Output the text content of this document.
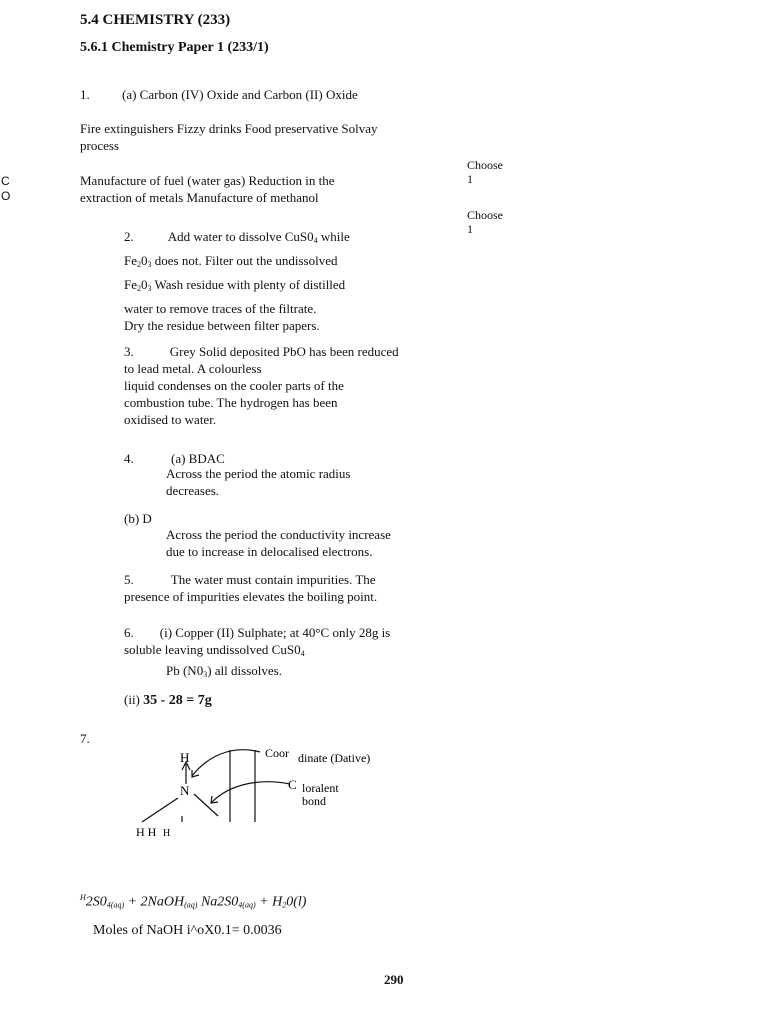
5.4 CHEMISTRY (233)
5.6.1 Chemistry Paper 1 (233/1)
1. (a) Carbon (IV) Oxide and Carbon (II) Oxide
Fire extinguishers Fizzy drinks Food preservative Solvay
process
Manufacture of fuel (water gas) Reduction in the
extraction of metals Manufacture of methanol
C
O
Choose
1
Choose
1
2.	Add water to dissolve $CuS0_4$ while
$Fe_20_3$ does not. Filter out the undissolved
$Fe_20_3$ Wash residue with plenty of distilled
water to remove traces of the filtrate.
Dry the residue between filter papers.
3.	Grey Solid deposited PbO has been reduced
to lead metal. A colourless
liquid condenses on the cooler parts of the
combustion tube. The hydrogen has been
oxidised to water.
4.	(a) BDAC
Across the period the atomic radius
decreases.
(b) D
Across the period the conductivity increase
due to increase in delocalised electrons.
5.	The water must contain impurities. The
presence of impurities elevates the boiling point.
6. (i) Copper (II) Sulphate; at 40°C only 28g is
soluble leaving undissolved $CuS0_4$
Pb $(N0_3)$ all dissolves.
(ii) 35 - 28 = 7g
7.
H
N
H H H
Coor dinate (Dative)
C loralent
bond
$^H2S0_{4(aq)}$ + 2NaOH$_{(aq)}$ $Na2S0_{4(aq)} + H_20(l)$
Moles of NaOH i^oX0.1= 0.0036
290
